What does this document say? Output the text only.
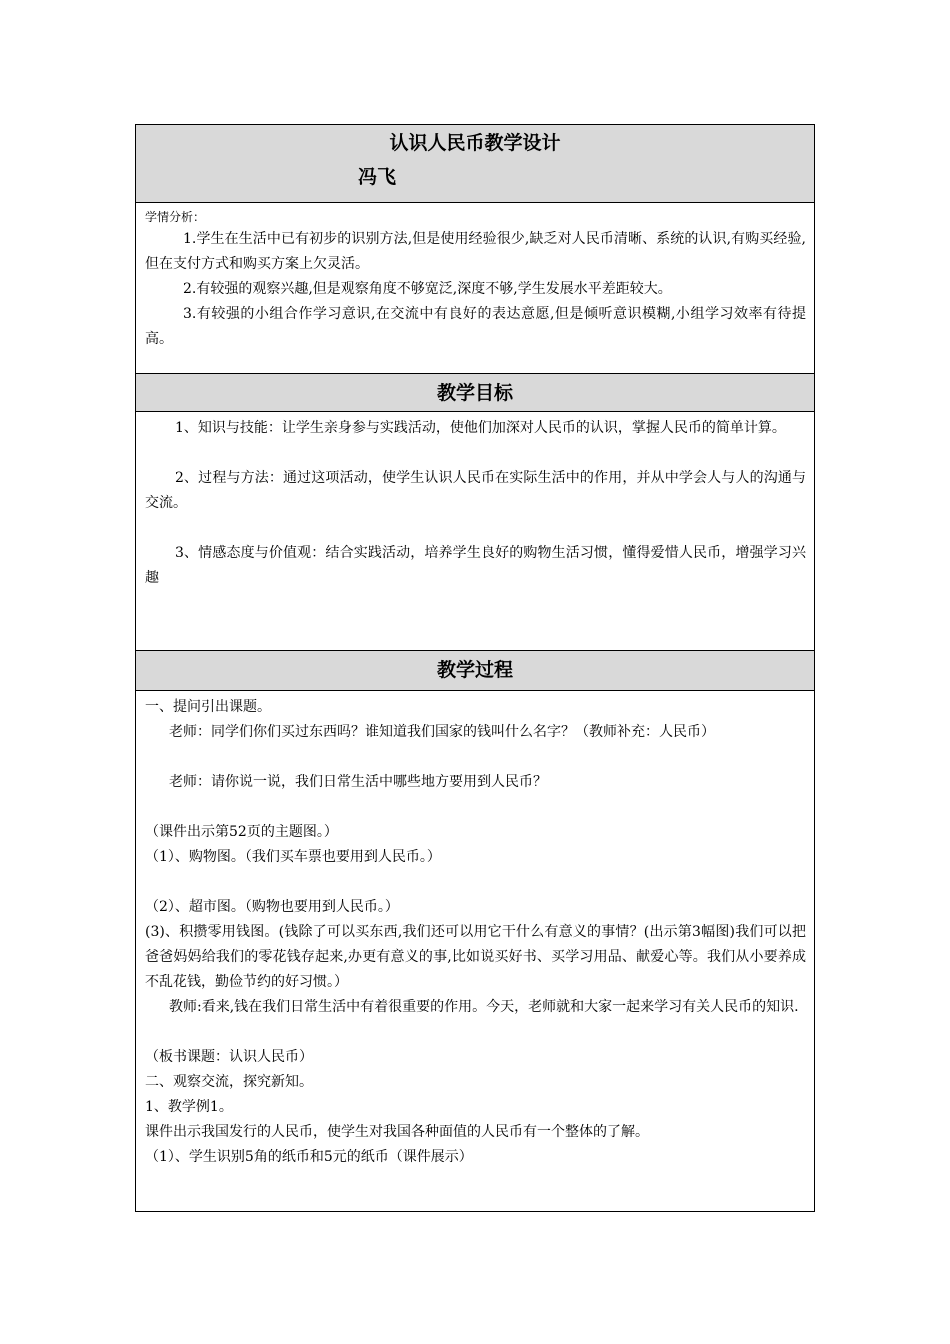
认识人民币教学设计
冯飞

学情分析：

1.学生在生活中已有初步的识别方法,但是使用经验很少,缺乏对人民币清晰、系统的认识,有购买经验,但在支付方式和购买方案上欠灵活。

2.有较强的观察兴趣,但是观察角度不够宽泛,深度不够,学生发展水平差距较大。

3.有较强的小组合作学习意识,在交流中有良好的表达意愿,但是倾听意识模糊,小组学习效率有待提高。

教学目标

1、知识与技能：让学生亲身参与实践活动，使他们加深对人民币的认识，掌握人民币的简单计算。

2、过程与方法：通过这项活动，使学生认识人民币在实际生活中的作用，并从中学会人与人的沟通与交流。

3、情感态度与价值观：结合实践活动，培养学生良好的购物生活习惯，懂得爱惜人民币，增强学习兴趣

教学过程

一、提问引出课题。

老师：同学们你们买过东西吗？谁知道我们国家的钱叫什么名字？（教师补充：人民币）

老师：请你说一说，我们日常生活中哪些地方要用到人民币？

（课件出示第52页的主题图。）

（1）、购物图。（我们买车票也要用到人民币。）

（2）、超市图。（购物也要用到人民币。）

(3)、积攒零用钱图。(钱除了可以买东西,我们还可以用它干什么有意义的事情？(出示第3幅图)我们可以把爸爸妈妈给我们的零花钱存起来,办更有意义的事,比如说买好书、买学习用品、献爱心等。我们从小要养成不乱花钱，勤俭节约的好习惯。）

教师:看来,钱在我们日常生活中有着很重要的作用。今天，老师就和大家一起来学习有关人民币的知识.

（板书课题：认识人民币）

二、观察交流，探究新知。

1、教学例1。

课件出示我国发行的人民币，使学生对我国各种面值的人民币有一个整体的了解。

（1）、学生识别5角的纸币和5元的纸币（课件展示）
